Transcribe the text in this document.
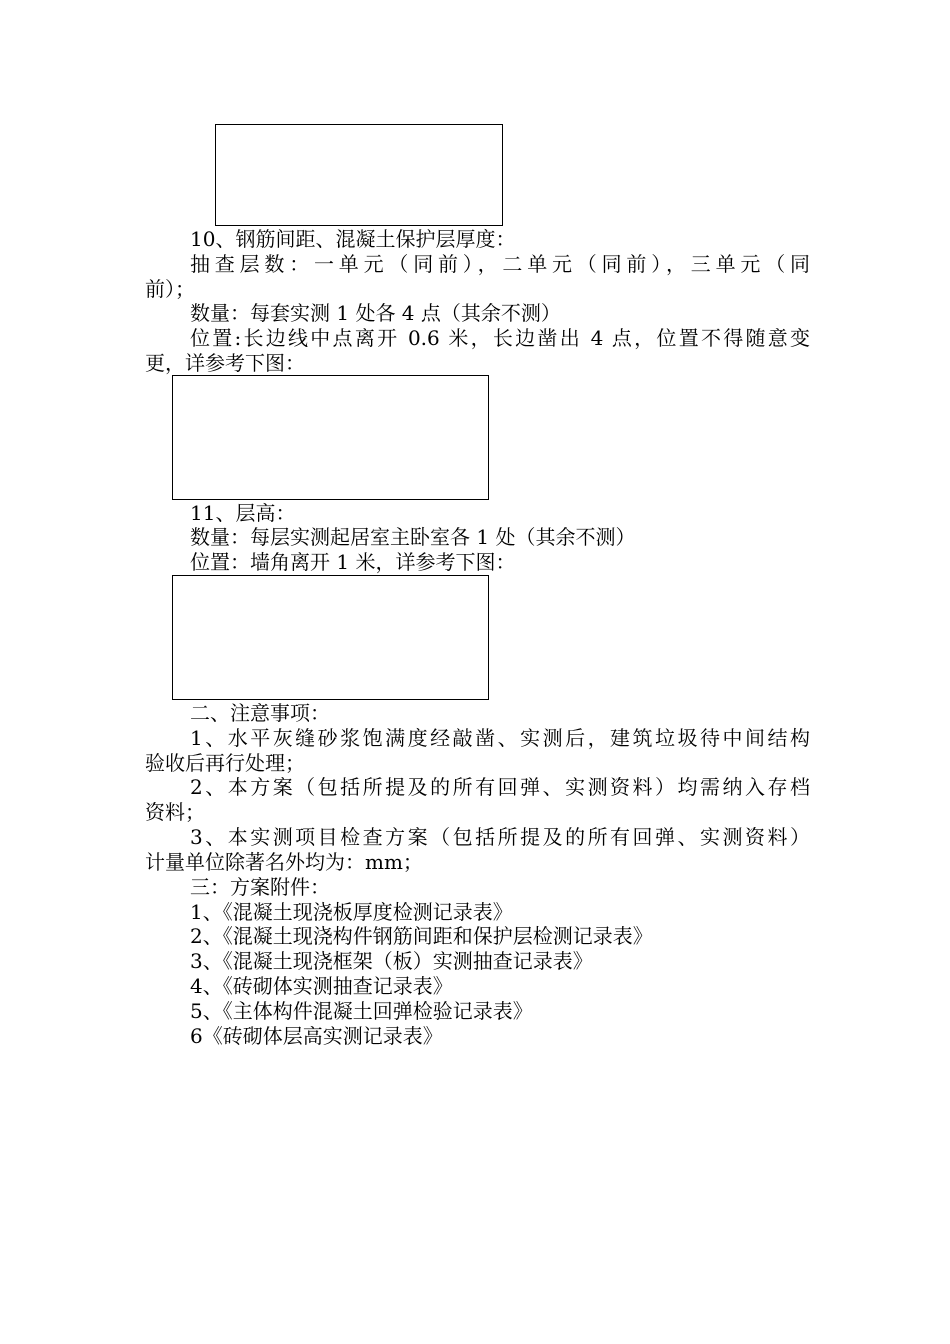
10、钢筋间距、混凝土保护层厚度：
抽查层数：一单元（同前），二单元（同前），三单元（同
前）；
数量：每套实测 1 处各 4 点（其余不测）
位置:长边线中点离开 0.6 米，长边凿出 4 点，位置不得随意变
更，详参考下图：
11、层高：
数量：每层实测起居室主卧室各 1 处（其余不测）
位置：墙角离开 1 米，详参考下图：
二、注意事项：
1、水平灰缝砂浆饱满度经敲凿、实测后，建筑垃圾待中间结构
验收后再行处理；
2、本方案（包括所提及的所有回弹、实测资料）均需纳入存档
资料；
3、本实测项目检查方案（包括所提及的所有回弹、实测资料）
计量单位除著名外均为：mm；
三：方案附件：
1、《混凝土现浇板厚度检测记录表》
2、《混凝土现浇构件钢筋间距和保护层检测记录表》
3、《混凝土现浇框架（板）实测抽查记录表》
4、《砖砌体实测抽查记录表》
5、《主体构件混凝土回弹检验记录表》
6《砖砌体层高实测记录表》
